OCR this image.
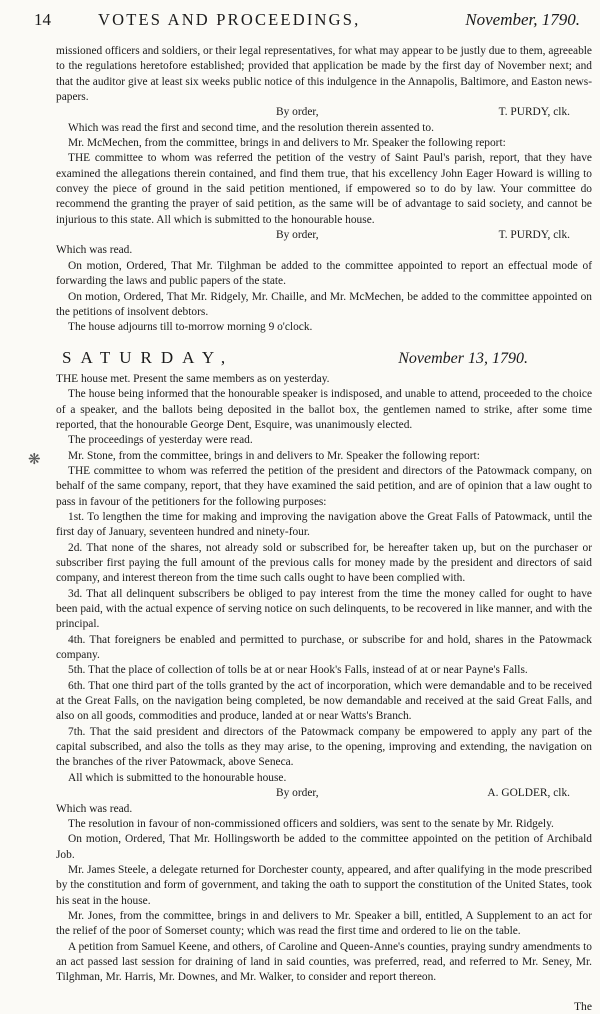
14	VOTES AND PROCEEDINGS,	November, 1790.
❋

missioned officers and soldiers, or their legal representatives, for what may appear to be justly due to them, agreeable to the regulations heretofore established; provided that application be made by the first day of November next; and that the auditor give at least six weeks public notice of this indulgence in the Annapolis, Baltimore, and Easton news-papers.

By order,	T. PURDY, clk.

Which was read the first and second time, and the resolution therein assented to.

Mr. McMechen, from the committee, brings in and delivers to Mr. Speaker the following report:

THE committee to whom was referred the petition of the vestry of Saint Paul's parish, report, that they have examined the allegations therein contained, and find them true, that his excellency John Eager Howard is willing to convey the piece of ground in the said petition mentioned, if empowered so to do by law. Your committee do recommend the granting the prayer of said petition, as the same will be of advantage to said society, and cannot be injurious to this state. All which is submitted to the honourable house.

By order,	T. PURDY, clk.

Which was read.

On motion, Ordered, That Mr. Tilghman be added to the committee appointed to report an effectual mode of forwarding the laws and public papers of the state.

On motion, Ordered, That Mr. Ridgely, Mr. Chaille, and Mr. McMechen, be added to the committee appointed on the petitions of insolvent debtors.

The house adjourns till to-morrow morning 9 o'clock.

SATURDAY,	November 13, 1790.

THE house met. Present the same members as on yesterday.

The house being informed that the honourable speaker is indisposed, and unable to attend, proceeded to the choice of a speaker, and the ballots being deposited in the ballot box, the gentlemen named to strike, after some time reported, that the honourable George Dent, Esquire, was unanimously elected.

The proceedings of yesterday were read.

Mr. Stone, from the committee, brings in and delivers to Mr. Speaker the following report:

THE committee to whom was referred the petition of the president and directors of the Patowmack company, on behalf of the same company, report, that they have examined the said petition, and are of opinion that a law ought to pass in favour of the petitioners for the following purposes:

1st. To lengthen the time for making and improving the navigation above the Great Falls of Patowmack, until the first day of January, seventeen hundred and ninety-four.

2d. That none of the shares, not already sold or subscribed for, be hereafter taken up, but on the purchaser or subscriber first paying the full amount of the previous calls for money made by the president and directors of said company, and interest thereon from the time such calls ought to have been complied with.

3d. That all delinquent subscribers be obliged to pay interest from the time the money called for ought to have been paid, with the actual expence of serving notice on such delinquents, to be recovered in like manner, and with the principal.

4th. That foreigners be enabled and permitted to purchase, or subscribe for and hold, shares in the Patowmack company.

5th. That the place of collection of tolls be at or near Hook's Falls, instead of at or near Payne's Falls.

6th. That one third part of the tolls granted by the act of incorporation, which were demandable and to be received at the Great Falls, on the navigation being completed, be now demandable and received at the said Great Falls, and also on all goods, commodities and produce, landed at or near Watts's Branch.

7th. That the said president and directors of the Patowmack company be empowered to apply any part of the capital subscribed, and also the tolls as they may arise, to the opening, improving and extending, the navigation on the branches of the river Patowmack, above Seneca.

All which is submitted to the honourable house.

By order,	A. GOLDER, clk.

Which was read.

The resolution in favour of non-commissioned officers and soldiers, was sent to the senate by Mr. Ridgely.

On motion, Ordered, That Mr. Hollingsworth be added to the committee appointed on the petition of Archibald Job.

Mr. James Steele, a delegate returned for Dorchester county, appeared, and after qualifying in the mode prescribed by the constitution and form of government, and taking the oath to support the constitution of the United States, took his seat in the house.

Mr. Jones, from the committee, brings in and delivers to Mr. Speaker a bill, entitled, A Supplement to an act for the relief of the poor of Somerset county; which was read the first time and ordered to lie on the table.

A petition from Samuel Keene, and others, of Caroline and Queen-Anne's counties, praying sundry amendments to an act passed last session for draining of land in said counties, was preferred, read, and referred to Mr. Seney, Mr. Tilghman, Mr. Harris, Mr. Downes, and Mr. Walker, to consider and report thereon.

The
